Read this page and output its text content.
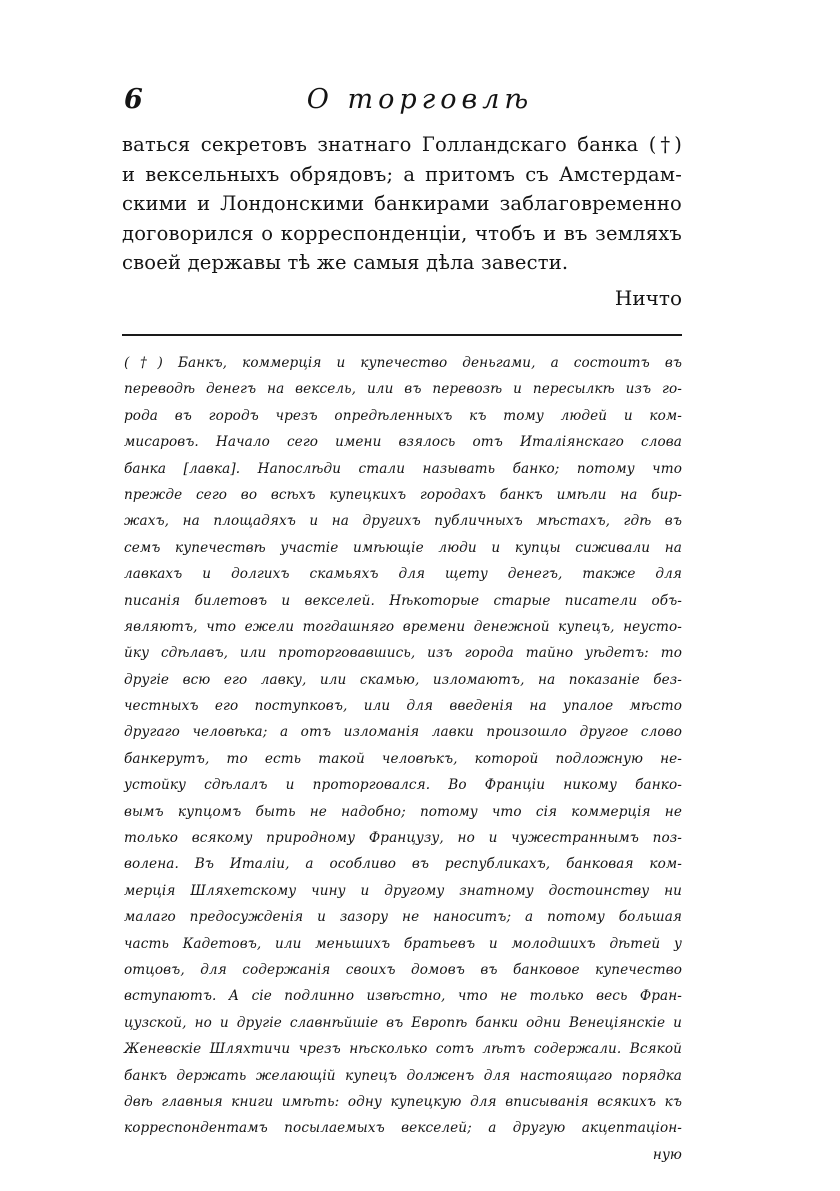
6	О торговлѣ
ваться секретовъ знатнаго Голландскаго банка (†)
и вексельныхъ обрядовъ; а притомъ съ Амстердам-
скими и Лондонскими банкирами заблаговременно
договорился о корреспонденціи, чтобъ и въ земляхъ
своей державы тѣ же самыя дѣла завести.
Ничто
(†) Банкъ, коммерція и купечество деньгами, а состоитъ въ
переводѣ денегъ на вексель, или въ перевозѣ и пересылкѣ изъ го-
рода въ городъ чрезъ опредѣленныхъ къ тому людей и ком-
мисаровъ. Начало сего имени взялось отъ Италіянскаго слова
банка [лавка]. Напослѣди стали называть банко; потому что
прежде сего во всѣхъ купецкихъ городахъ банкъ имѣли на бир-
жахъ, на площадяхъ и на другихъ публичныхъ мѣстахъ, гдѣ въ
семъ купечествѣ участіе имѣющіе люди и купцы сиживали на
лавкахъ и долгихъ скамьяхъ для щету денегъ, также для
писанія билетовъ и векселей. Нѣкоторые старые писатели объ-
являютъ, что ежели тогдашняго времени денежной купецъ, неусто-
йку сдѣлавъ, или проторговавшись, изъ города тайно уѣдетъ: то
другіе всю его лавку, или скамью, изломаютъ, на показаніе без-
честныхъ его поступковъ, или для введенія на упалое мѣсто
другаго человѣка; а отъ изломанія лавки произошло другое слово
банкерутъ, то есть такой человѣкъ, которой подложную не-
устойку сдѣлалъ и проторговался. Во Франціи никому банко-
вымъ купцомъ быть не надобно; потому что сія коммерція не
только всякому природному Французу, но и чужестраннымъ поз-
волена. Въ Италіи, а особливо въ республикахъ, банковая ком-
мерція Шляхетскому чину и другому знатному достоинству ни
малаго предосужденія и зазору не наноситъ; а потому большая
часть Кадетовъ, или меньшихъ братьевъ и молодшихъ дѣтей у
отцовъ, для содержанія своихъ домовъ въ банковое купечество
вступаютъ. А сіе подлинно извѣстно, что не только весь Фран-
цузской, но и другіе славнѣйшіе въ Европѣ банки одни Венеціянскіе и
Женевскіе Шляхтичи чрезъ нѣсколько сотъ лѣтъ содержали. Всякой
банкъ держать желающій купецъ долженъ для настоящаго порядка
двѣ главныя книги имѣть: одну купецкую для вписыванія всякихъ къ
корреспондентамъ посылаемыхъ векселей; а другую акцептаціон-
ную
